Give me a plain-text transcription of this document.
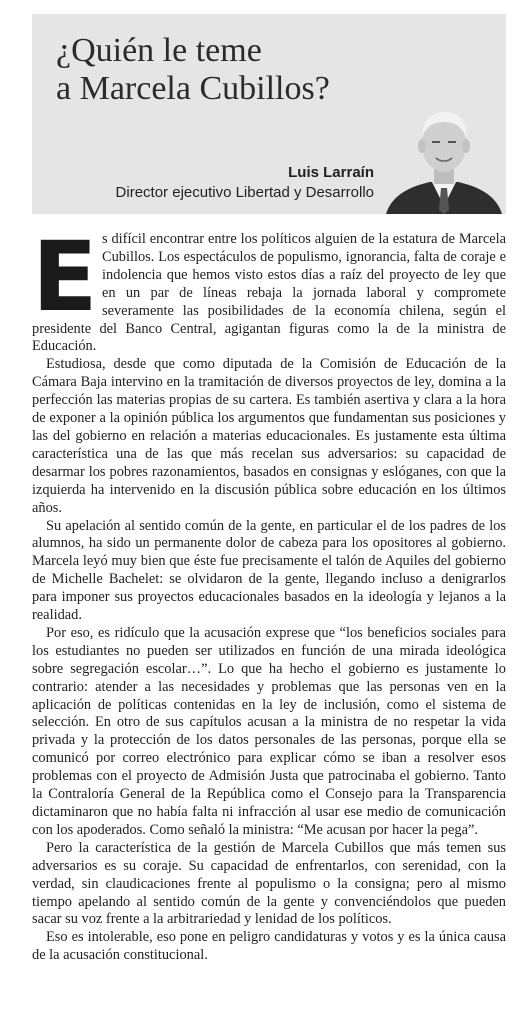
¿Quién le teme
a Marcela Cubillos?
Luis Larraín
Director ejecutivo Libertad y Desarrollo

Es difícil encontrar entre los políticos alguien de la estatura de Marcela Cubillos. Los espectáculos de populismo, ignorancia, falta de coraje e indolencia que hemos visto estos días a raíz del proyecto de ley que en un par de líneas rebaja la jornada laboral y compromete severamente las posibilidades de la economía chilena, según el presidente del Banco Central, agigantan figuras como la de la ministra de Educación.

Estudiosa, desde que como diputada de la Comisión de Educación de la Cámara Baja intervino en la tramitación de diversos proyectos de ley, domina a la perfección las materias propias de su cartera. Es también asertiva y clara a la hora de exponer a la opinión pública los argumentos que fundamentan sus posiciones y las del gobierno en relación a materias educacionales. Es justamente esta última característica una de las que más recelan sus adversarios: su capacidad de desarmar los pobres razonamientos, basados en consignas y eslóganes, con que la izquierda ha intervenido en la discusión pública sobre educación en los últimos años.

Su apelación al sentido común de la gente, en particular el de los padres de los alumnos, ha sido un permanente dolor de cabeza para los opositores al gobierno. Marcela leyó muy bien que éste fue precisamente el talón de Aquiles del gobierno de Michelle Bachelet: se olvidaron de la gente, llegando incluso a denigrarlos para imponer sus proyectos educacionales basados en la ideología y lejanos a la realidad.

Por eso, es ridículo que la acusación exprese que “los beneficios sociales para los estudiantes no pueden ser utilizados en función de una mirada ideológica sobre segregación escolar…”. Lo que ha hecho el gobierno es justamente lo contrario: atender a las necesidades y problemas que las personas ven en la aplicación de políticas contenidas en la ley de inclusión, como el sistema de selección. En otro de sus capítulos acusan a la ministra de no respetar la vida privada y la protección de los datos personales de las personas, porque ella se comunicó por correo electrónico para explicar cómo se iban a resolver esos problemas con el proyecto de Admisión Justa que patrocinaba el gobierno. Tanto la Contraloría General de la República como el Consejo para la Transparencia dictaminaron que no había falta ni infracción al usar ese medio de comunicación con los apoderados. Como señaló la ministra: “Me acusan por hacer la pega”.

Pero la característica de la gestión de Marcela Cubillos que más temen sus adversarios es su coraje. Su capacidad de enfrentarlos, con serenidad, con la verdad, sin claudicaciones frente al populismo o la consigna; pero al mismo tiempo apelando al sentido común de la gente y convenciéndolos que pueden sacar su voz frente a la arbitrariedad y lenidad de los políticos.

Eso es intolerable, eso pone en peligro candidaturas y votos y es la única causa de la acusación constitucional.
